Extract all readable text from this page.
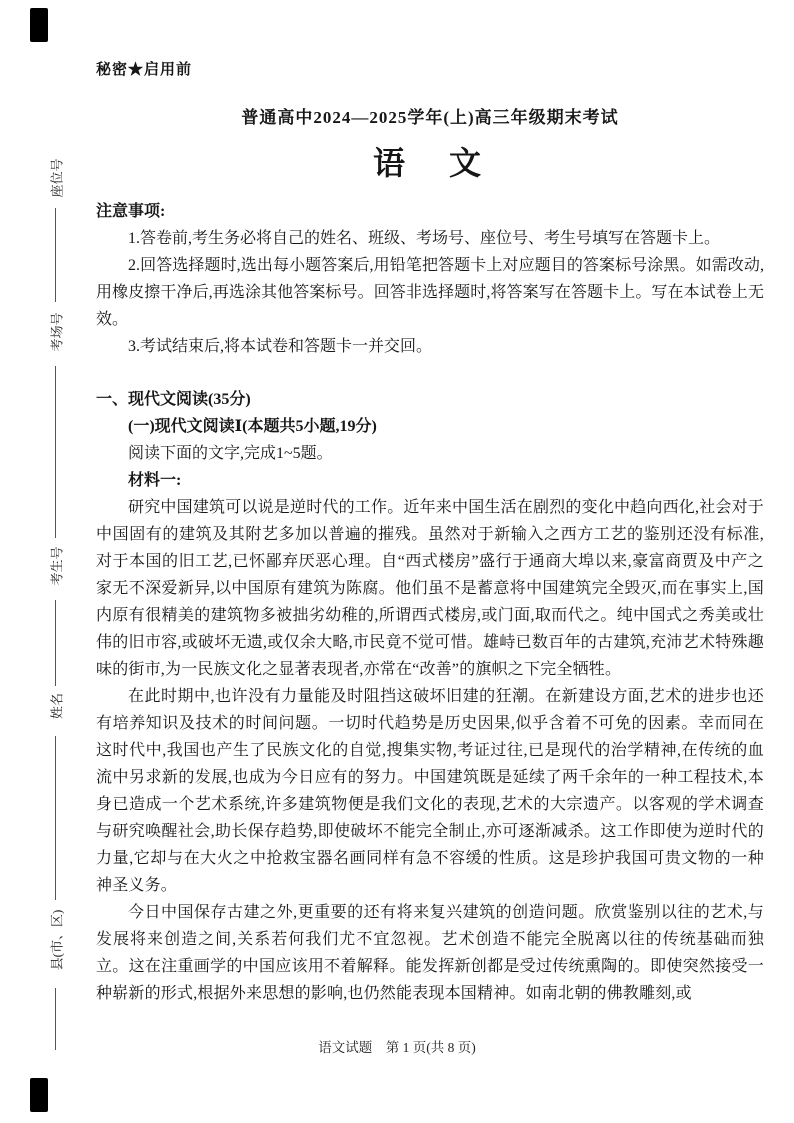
座位号
考场号
考生号
姓名
县(市、区)
秘密★启用前
普通高中2024—2025学年(上)高三年级期末考试
语　文
注意事项:

1.答卷前,考生务必将自己的姓名、班级、考场号、座位号、考生号填写在答题卡上。

2.回答选择题时,选出每小题答案后,用铅笔把答题卡上对应题目的答案标号涂黑。如需改动,用橡皮擦干净后,再选涂其他答案标号。回答非选择题时,将答案写在答题卡上。写在本试卷上无效。

3.考试结束后,将本试卷和答题卡一并交回。

一、现代文阅读(35分)
(一)现代文阅读Ⅰ(本题共5小题,19分)
阅读下面的文字,完成1~5题。
材料一:

研究中国建筑可以说是逆时代的工作。近年来中国生活在剧烈的变化中趋向西化,社会对于中国固有的建筑及其附艺多加以普遍的摧残。虽然对于新输入之西方工艺的鉴别还没有标准,对于本国的旧工艺,已怀鄙弃厌恶心理。自“西式楼房”盛行于通商大埠以来,豪富商贾及中产之家无不深爱新异,以中国原有建筑为陈腐。他们虽不是蓄意将中国建筑完全毁灭,而在事实上,国内原有很精美的建筑物多被拙劣幼稚的,所谓西式楼房,或门面,取而代之。纯中国式之秀美或壮伟的旧市容,或破坏无遗,或仅余大略,市民竟不觉可惜。雄峙已数百年的古建筑,充沛艺术特殊趣味的街市,为一民族文化之显著表现者,亦常在“改善”的旗帜之下完全牺牲。

在此时期中,也许没有力量能及时阻挡这破坏旧建的狂潮。在新建设方面,艺术的进步也还有培养知识及技术的时间问题。一切时代趋势是历史因果,似乎含着不可免的因素。幸而同在这时代中,我国也产生了民族文化的自觉,搜集实物,考证过往,已是现代的治学精神,在传统的血流中另求新的发展,也成为今日应有的努力。中国建筑既是延续了两千余年的一种工程技术,本身已造成一个艺术系统,许多建筑物便是我们文化的表现,艺术的大宗遗产。以客观的学术调查与研究唤醒社会,助长保存趋势,即使破坏不能完全制止,亦可逐渐减杀。这工作即使为逆时代的力量,它却与在大火之中抢救宝器名画同样有急不容缓的性质。这是珍护我国可贵文物的一种神圣义务。

今日中国保存古建之外,更重要的还有将来复兴建筑的创造问题。欣赏鉴别以往的艺术,与发展将来创造之间,关系若何我们尤不宜忽视。艺术创造不能完全脱离以往的传统基础而独立。这在注重画学的中国应该用不着解释。能发挥新创都是受过传统熏陶的。即使突然接受一种崭新的形式,根据外来思想的影响,也仍然能表现本国精神。如南北朝的佛教雕刻,或

语文试题　第 1 页(共 8 页)
